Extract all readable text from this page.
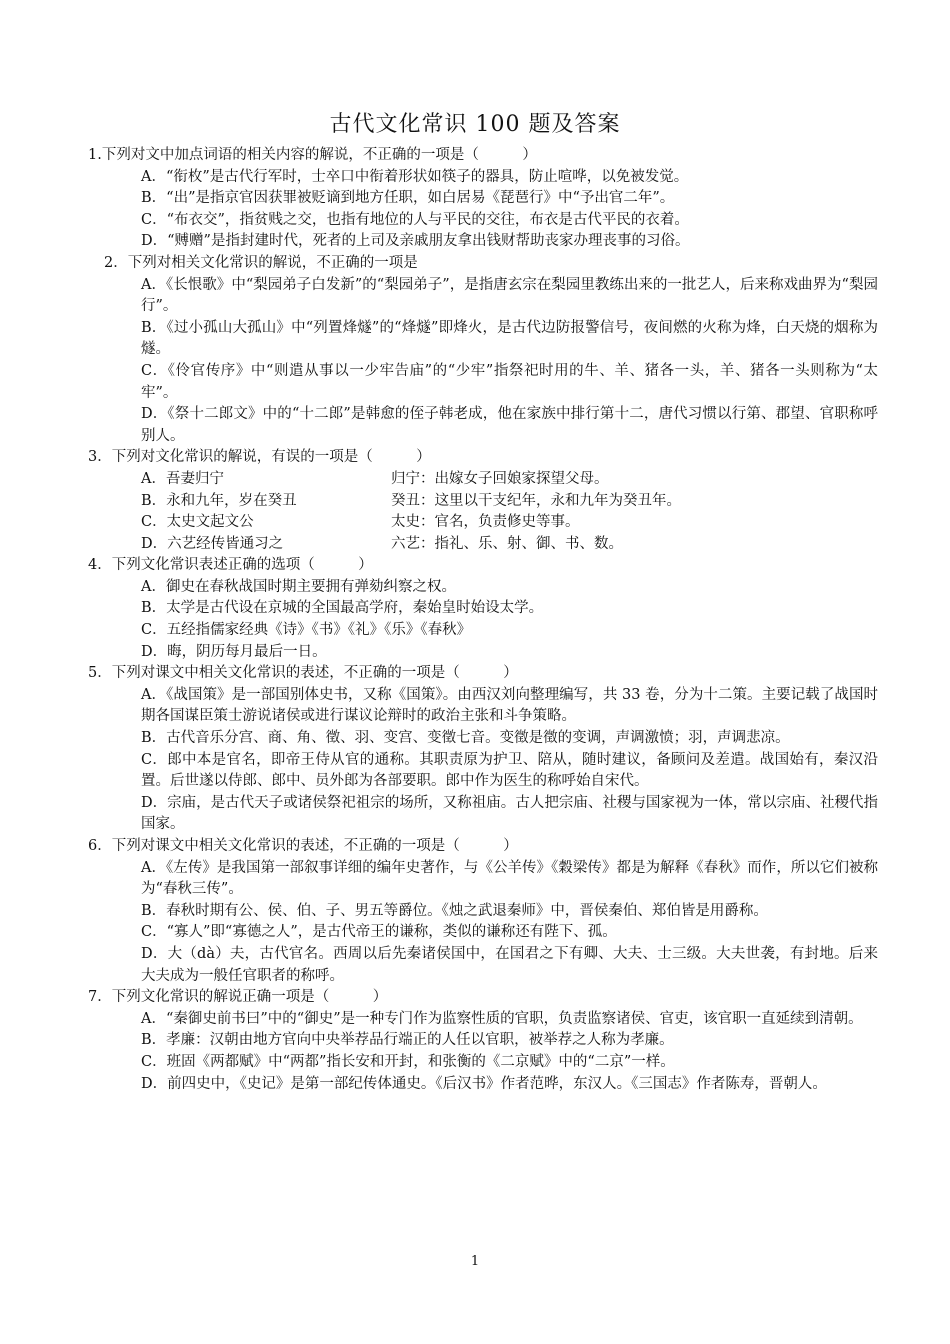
古代文化常识 100 题及答案

1.下列对文中加点词语的相关内容的解说，不正确的一项是（　　　）

A．“衔枚”是古代行军时，士卒口中衔着形状如筷子的器具，防止喧哗，以免被发觉。

B．“出”是指京官因获罪被贬谪到地方任职，如白居易《琵琶行》中“予出官二年”。

C．“布衣交”，指贫贱之交，也指有地位的人与平民的交往，布衣是古代平民的衣着。

D．“赙赠”是指封建时代，死者的上司及亲戚朋友拿出钱财帮助丧家办理丧事的习俗。

2．下列对相关文化常识的解说，不正确的一项是

A．《长恨歌》中“梨园弟子白发新”的“梨园弟子”，是指唐玄宗在梨园里教练出来的一批艺人，后来称戏曲界为“梨园行”。

B．《过小孤山大孤山》中“列置烽燧”的“烽燧”即烽火，是古代边防报警信号，夜间燃的火称为烽，白天烧的烟称为燧。

C．《伶官传序》中“则遣从事以一少牢告庙”的“少牢”指祭祀时用的牛、羊、猪各一头，羊、猪各一头则称为“太牢”。

D．《祭十二郎文》中的“十二郎”是韩愈的侄子韩老成，他在家族中排行第十二，唐代习惯以行第、郡望、官职称呼别人。

3．下列对文化常识的解说，有误的一项是（　　　）

A．吾妻归宁	归宁：出嫁女子回娘家探望父母。
B．永和九年，岁在癸丑	癸丑：这里以干支纪年，永和九年为癸丑年。
C．太史文起文公	太史：官名，负责修史等事。
D．六艺经传皆通习之	六艺：指礼、乐、射、御、书、数。

4．下列文化常识表述正确的选项（　　　）

A．御史在春秋战国时期主要拥有弹劾纠察之权。

B．太学是古代设在京城的全国最高学府，秦始皇时始设太学。

C．五经指儒家经典《诗》《书》《礼》《乐》《春秋》

D．晦，阴历每月最后一日。

5．下列对课文中相关文化常识的表述，不正确的一项是（　　　）

A．《战国策》是一部国别体史书，又称《国策》。由西汉刘向整理编写，共 33 卷，分为十二策。主要记载了战国时期各国谋臣策士游说诸侯或进行谋议论辩时的政治主张和斗争策略。

B．古代音乐分宫、商、角、徵、羽、变宫、变徵七音。变徵是徵的变调，声调激愤；羽，声调悲凉。

C．郎中本是官名，即帝王侍从官的通称。其职责原为护卫、陪从，随时建议，备顾问及差遣。战国始有，秦汉沿置。后世遂以侍郎、郎中、员外郎为各部要职。郎中作为医生的称呼始自宋代。

D．宗庙，是古代天子或诸侯祭祀祖宗的场所，又称祖庙。古人把宗庙、社稷与国家视为一体，常以宗庙、社稷代指国家。

6．下列对课文中相关文化常识的表述，不正确的一项是（　　　）

A．《左传》是我国第一部叙事详细的编年史著作，与《公羊传》《穀梁传》都是为解释《春秋》而作，所以它们被称为“春秋三传”。

B．春秋时期有公、侯、伯、子、男五等爵位。《烛之武退秦师》中，晋侯秦伯、郑伯皆是用爵称。

C．“寡人”即“寡德之人”，是古代帝王的谦称，类似的谦称还有陛下、孤。

D．大（dà）夫，古代官名。西周以后先秦诸侯国中，在国君之下有卿、大夫、士三级。大夫世袭，有封地。后来大夫成为一般任官职者的称呼。

7．下列文化常识的解说正确一项是（　　　）

A．“秦御史前书曰”中的“御史”是一种专门作为监察性质的官职，负责监察诸侯、官吏，该官职一直延续到清朝。

B．孝廉：汉朝由地方官向中央举荐品行端正的人任以官职，被举荐之人称为孝廉。

C．班固《两都赋》中“两都”指长安和开封，和张衡的《二京赋》中的“二京”一样。

D．前四史中，《史记》是第一部纪传体通史。《后汉书》作者范晔，东汉人。《三国志》作者陈寿，晋朝人。

1
